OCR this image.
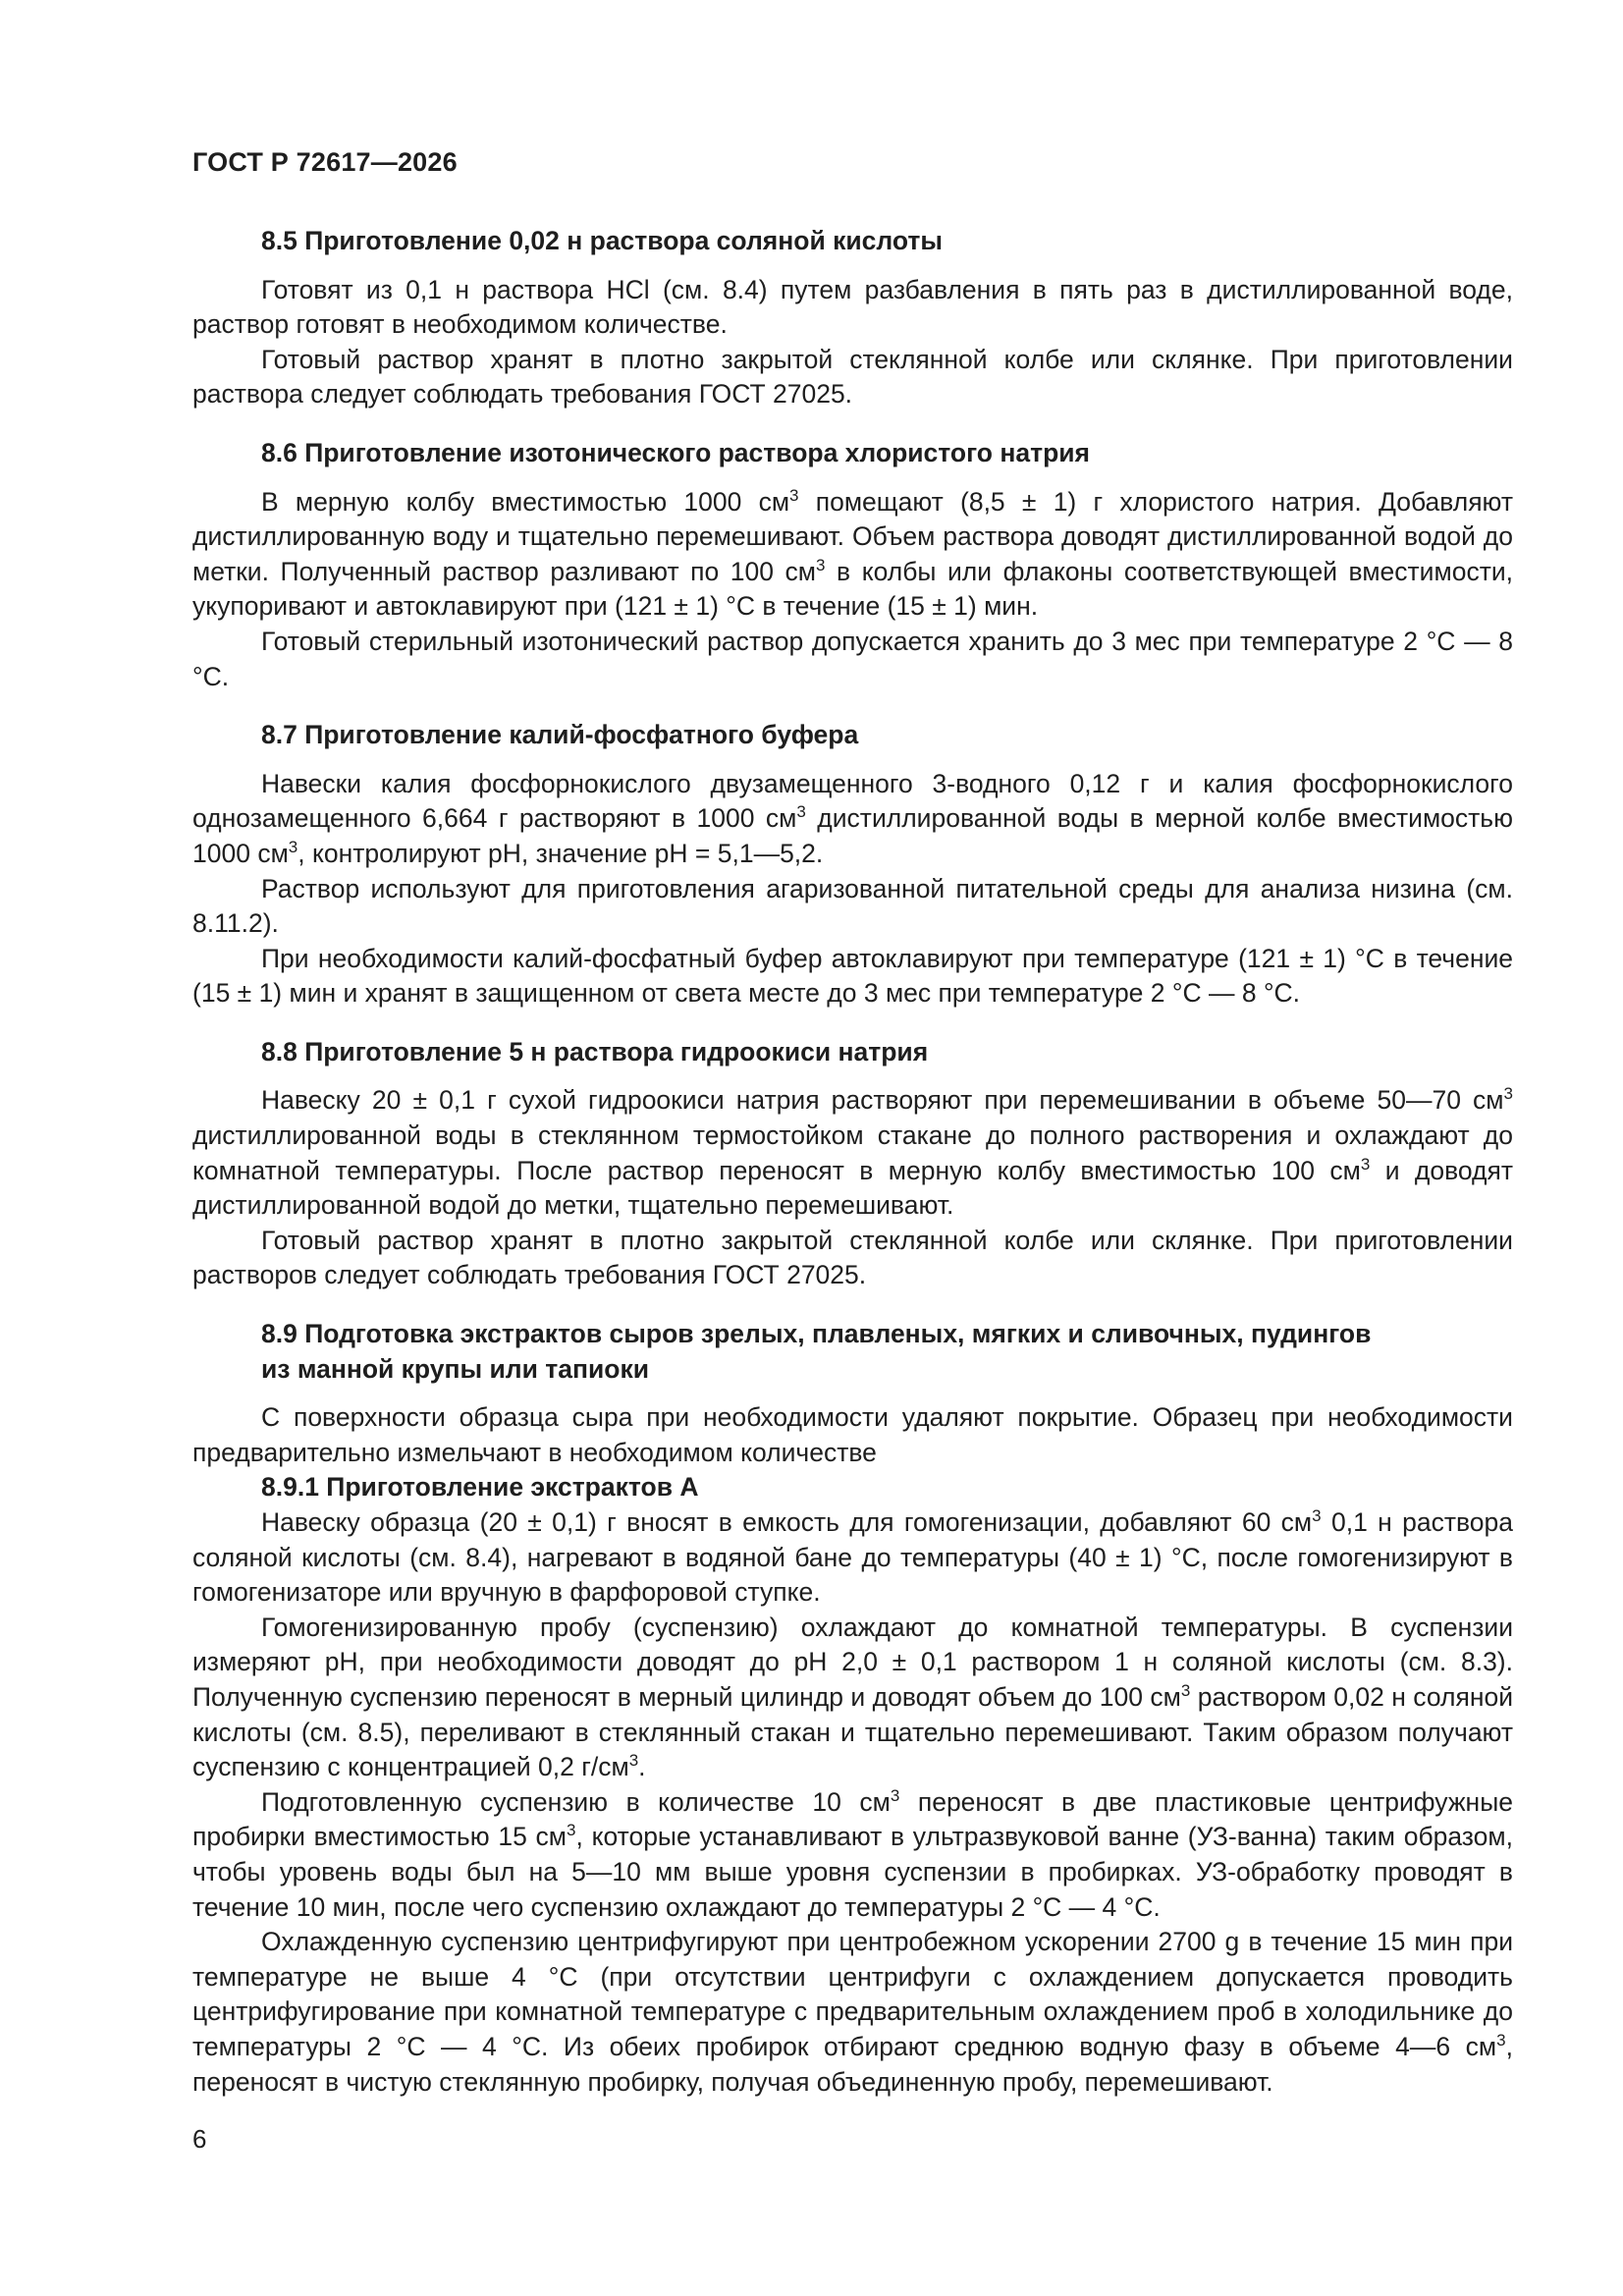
ГОСТ Р 72617—2026

8.5 Приготовление 0,02 н раствора соляной кислоты

Готовят из 0,1 н раствора HCl (см. 8.4) путем разбавления в пять раз в дистиллированной воде, раствор готовят в необходимом количестве.

Готовый раствор хранят в плотно закрытой стеклянной колбе или склянке. При приготовлении раствора следует соблюдать требования ГОСТ 27025.

8.6 Приготовление изотонического раствора хлористого натрия

В мерную колбу вместимостью 1000 $см^3$ помещают (8,5 ± 1) г хлористого натрия. Добавляют дистиллированную воду и тщательно перемешивают. Объем раствора доводят дистиллированной водой до метки. Полученный раствор разливают по 100 $см^3$ в колбы или флаконы соответствующей вместимости, укупоривают и автоклавируют при (121 ± 1) °С в течение (15 ± 1) мин.

Готовый стерильный изотонический раствор допускается хранить до 3 мес при температуре 2 °С — 8 °С.

8.7 Приготовление калий-фосфатного буфера

Навески калия фосфорнокислого двузамещенного 3-водного 0,12 г и калия фосфорнокислого однозамещенного 6,664 г растворяют в 1000 $см^3$ дистиллированной воды в мерной колбе вместимостью 1000 $см^3$, контролируют pH, значение pH = 5,1—5,2.

Раствор используют для приготовления агаризованной питательной среды для анализа низина (см. 8.11.2).

При необходимости калий-фосфатный буфер автоклавируют при температуре (121 ± 1) °С в течение (15 ± 1) мин и хранят в защищенном от света месте до 3 мес при температуре 2 °С — 8 °С.

8.8 Приготовление 5 н раствора гидроокиси натрия

Навеску 20 ± 0,1 г сухой гидроокиси натрия растворяют при перемешивании в объеме 50—70 $см^3$ дистиллированной воды в стеклянном термостойком стакане до полного растворения и охлаждают до комнатной температуры. После раствор переносят в мерную колбу вместимостью 100 $см^3$ и доводят дистиллированной водой до метки, тщательно перемешивают.

Готовый раствор хранят в плотно закрытой стеклянной колбе или склянке. При приготовлении растворов следует соблюдать требования ГОСТ 27025.

8.9 Подготовка экстрактов сыров зрелых, плавленых, мягких и сливочных, пудингов

из манной крупы или тапиоки

С поверхности образца сыра при необходимости удаляют покрытие. Образец при необходимости предварительно измельчают в необходимом количестве

8.9.1 Приготовление экстрактов А

Навеску образца (20 ± 0,1) г вносят в емкость для гомогенизации, добавляют 60 $см^3$ 0,1 н раствора соляной кислоты (см. 8.4), нагревают в водяной бане до температуры (40 ± 1) °С, после гомогенизируют в гомогенизаторе или вручную в фарфоровой ступке.

Гомогенизированную пробу (суспензию) охлаждают до комнатной температуры. В суспензии измеряют pH, при необходимости доводят до pH 2,0 ± 0,1 раствором 1 н соляной кислоты (см. 8.3). Полученную суспензию переносят в мерный цилиндр и доводят объем до 100 $см^3$ раствором 0,02 н соляной кислоты (см. 8.5), переливают в стеклянный стакан и тщательно перемешивают. Таким образом получают суспензию с концентрацией 0,2 $г/см^3$.

Подготовленную суспензию в количестве 10 $см^3$ переносят в две пластиковые центрифужные пробирки вместимостью 15 $см^3$, которые устанавливают в ультразвуковой ванне (УЗ-ванна) таким образом, чтобы уровень воды был на 5—10 мм выше уровня суспензии в пробирках. УЗ-обработку проводят в течение 10 мин, после чего суспензию охлаждают до температуры 2 °С — 4 °С.

Охлажденную суспензию центрифугируют при центробежном ускорении 2700 g в течение 15 мин при температуре не выше 4 °С (при отсутствии центрифуги с охлаждением допускается проводить центрифугирование при комнатной температуре с предварительным охлаждением проб в холодильнике до температуры 2 °С — 4 °С. Из обеих пробирок отбирают среднюю водную фазу в объеме 4—6 $см^3$, переносят в чистую стеклянную пробирку, получая объединенную пробу, перемешивают.

6
